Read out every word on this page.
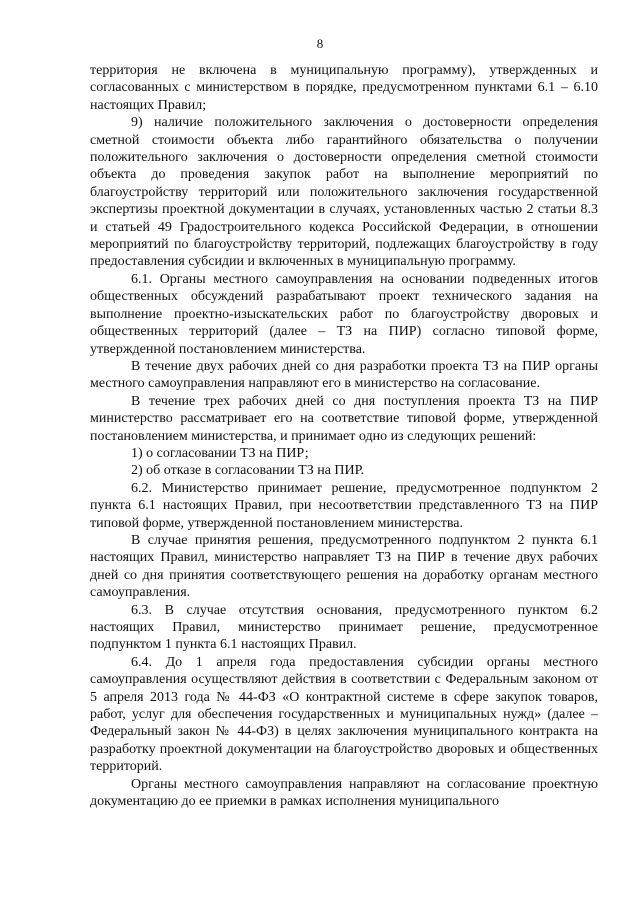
8

территория не включена в муниципальную программу), утвержденных и согласованных с министерством в порядке, предусмотренном пунктами 6.1 – 6.10 настоящих Правил;

9) наличие положительного заключения о достоверности определения сметной стоимости объекта либо гарантийного обязательства о получении положительного заключения о достоверности определения сметной стоимости объекта до проведения закупок работ на выполнение мероприятий по благоустройству территорий или положительного заключения государственной экспертизы проектной документации в случаях, установленных частью 2 статьи 8.3 и статьей 49 Градостроительного кодекса Российской Федерации, в отношении мероприятий по благоустройству территорий, подлежащих благоустройству в году предоставления субсидии и включенных в муниципальную программу.

6.1. Органы местного самоуправления на основании подведенных итогов общественных обсуждений разрабатывают проект технического задания на выполнение проектно-изыскательских работ по благоустройству дворовых и общественных территорий (далее – ТЗ на ПИР) согласно типовой форме, утвержденной постановлением министерства.

В течение двух рабочих дней со дня разработки проекта ТЗ на ПИР органы местного самоуправления направляют его в министерство на согласование.

В течение трех рабочих дней со дня поступления проекта ТЗ на ПИР министерство рассматривает его на соответствие типовой форме, утвержденной постановлением министерства, и принимает одно из следующих решений:

1) о согласовании ТЗ на ПИР;

2) об отказе в согласовании ТЗ на ПИР.

6.2. Министерство принимает решение, предусмотренное подпунктом 2 пункта 6.1 настоящих Правил, при несоответствии представленного ТЗ на ПИР типовой форме, утвержденной постановлением министерства.

В случае принятия решения, предусмотренного подпунктом 2 пункта 6.1 настоящих Правил, министерство направляет ТЗ на ПИР в течение двух рабочих дней со дня принятия соответствующего решения на доработку органам местного самоуправления.

6.3. В случае отсутствия основания, предусмотренного пунктом 6.2 настоящих Правил, министерство принимает решение, предусмотренное подпунктом 1 пункта 6.1 настоящих Правил.

6.4. До 1 апреля года предоставления субсидии органы местного самоуправления осуществляют действия в соответствии с Федеральным законом от 5 апреля 2013 года № 44-ФЗ «О контрактной системе в сфере закупок товаров, работ, услуг для обеспечения государственных и муниципальных нужд» (далее – Федеральный закон № 44-ФЗ) в целях заключения муниципального контракта на разработку проектной документации на благоустройство дворовых и общественных территорий.

Органы местного самоуправления направляют на согласование проектную документацию до ее приемки в рамках исполнения муниципального
